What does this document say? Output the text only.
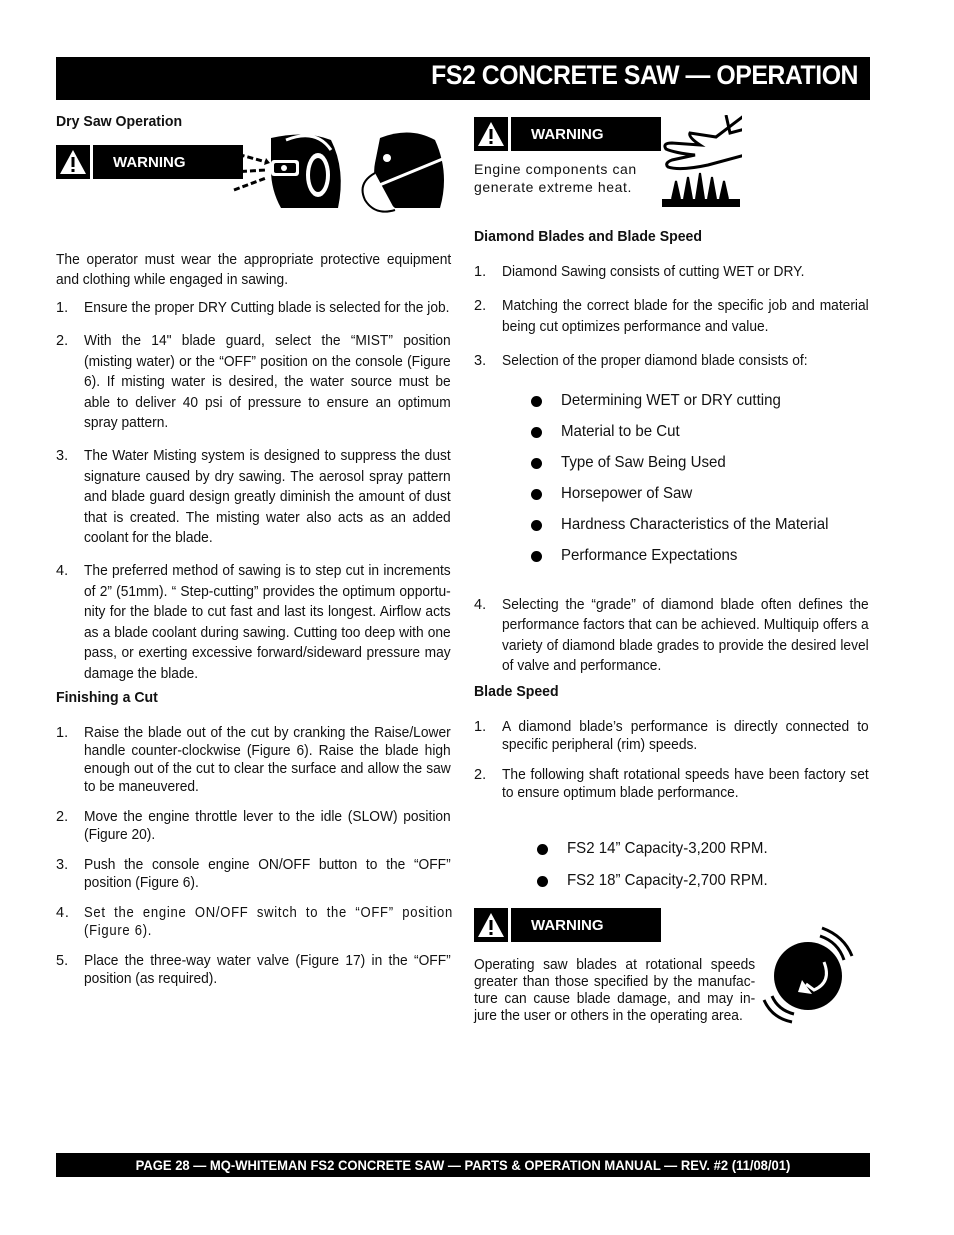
FS2 CONCRETE SAW — OPERATION

Dry Saw Operation

WARNING

The operator must wear the appropriate protective equipment and clothing while engaged in sawing.

1. Ensure the proper DRY Cutting blade is selected for the job.
2. With the 14" blade guard, select the “MIST” position (misting water) or the “OFF” position on the console (Figure 6). If misting water is desired, the water source must be able to deliver 40 psi of pressure to ensure an optimum spray pattern.
3. The Water Misting system is designed to suppress the dust signature caused by dry sawing. The aerosol spray pattern and blade guard design greatly diminish the amount of dust that is created. The misting water also acts as an added coolant for the blade.
4. The preferred method of sawing is to step cut in increments of 2” (51mm). “ Step-cutting” provides the optimum opportu-nity for the blade to cut fast and last its longest. Airflow acts as a blade coolant during sawing. Cutting too deep with one pass, or exerting excessive forward/sideward pressure may damage the blade.

Finishing a Cut

1. Raise the blade out of the cut by cranking the Raise/Lower handle counter-clockwise (Figure 6). Raise the blade high enough out of the cut to clear the surface and allow the saw to be maneuvered.
2. Move the engine throttle lever to the idle (SLOW) position (Figure 20).
3. Push the console engine ON/OFF button to the “OFF” position (Figure 6).
4. Set the engine ON/OFF switch to the “OFF” position (Figure 6).
5. Place the three-way water valve (Figure 17) in the “OFF” position (as required).
WARNING
Engine components can generate extreme heat.

Diamond Blades and Blade Speed

1. Diamond Sawing consists of cutting WET or DRY.
2. Matching the correct blade for the specific job and material being cut optimizes performance and value.
3. Selection of the proper diamond blade consists of:
Determining WET or DRY cutting
Material to be Cut
Type of Saw Being Used
Horsepower of Saw
Hardness Characteristics of the Material
Performance Expectations
4. Selecting the “grade” of diamond blade often defines the performance factors that can be achieved. Multiquip offers a variety of diamond blade grades to provide the desired level of valve and performance.

Blade Speed

1. A diamond blade’s performance is directly connected to specific peripheral (rim) speeds.
2. The following shaft rotational speeds have been factory set to ensure optimum blade performance.
FS2 14” Capacity-3,200 RPM.
FS2 18” Capacity-2,700 RPM.
WARNING

Operating saw blades at rotational speeds greater than those specified by the manufac-ture can cause blade damage, and may in-jure the user or others in the operating area.

PAGE 28 — MQ-WHITEMAN FS2 CONCRETE SAW — PARTS & OPERATION MANUAL — REV. #2 (11/08/01)
